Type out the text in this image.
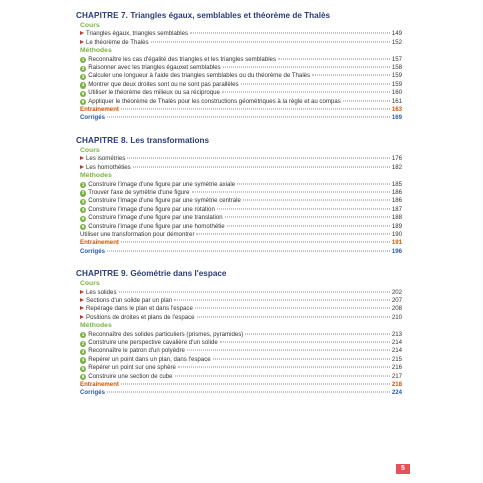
CHAPITRE 7. Triangles égaux, semblables et théorème de Thalès
Cours
Triangles égaux, triangles semblables	149
Le théorème de Thalès	152
Méthodes
1 Reconnaître les cas d'égalité des triangles et les triangles semblables	157
2 Raisonner avec les triangles égauxet semblables	158
3 Calculer une longueur à l'aide des triangles semblables ou du théorème de Thalès	159
4 Montrer que deux droites sont ou ne sont pas parallèles	159
5 Utiliser le théorème des milieux ou sa réciproque	160
6 Appliquer le théorème de Thalès pour les constructions géométriques à la règle et au compas	161
Entraînement	163
Corrigés	169
CHAPITRE 8. Les transformations
Cours
Les isométries	176
Les homothéties	182
Méthodes
1 Construire l'image d'une figure par une symétrie axiale	185
2 Trouver l'axe de symétrie d'une figure	186
3 Construire l'image d'une figure par une symétrie centrale	186
4 Construire l'image d'une figure par une rotation	187
5 Construire l'image d'une figure par une translation	188
6 Construire l'image d'une figure par une homothétie	189
Utiliser une transformation pour démontrer	190
Entraînement	191
Corrigés	196
CHAPITRE 9. Géométrie dans l'espace
Cours
Les solides	202
Sections d'un solide par un plan	207
Repérage dans le plan et dans l'espace	208
Positions de droites et plans de l'espace	210
Méthodes
1 Reconnaître des solides particuliers (prismes, pyramides)	213
2 Construire une perspective cavalière d'un solide	214
3 Reconnaître le patron d'un polyèdre	214
4 Repérer un point dans un plan, dans l'espace	215
5 Repérer un point sur une sphère	216
6 Construire une section de cube	217
Entraînement	218
Corrigés	224
5
